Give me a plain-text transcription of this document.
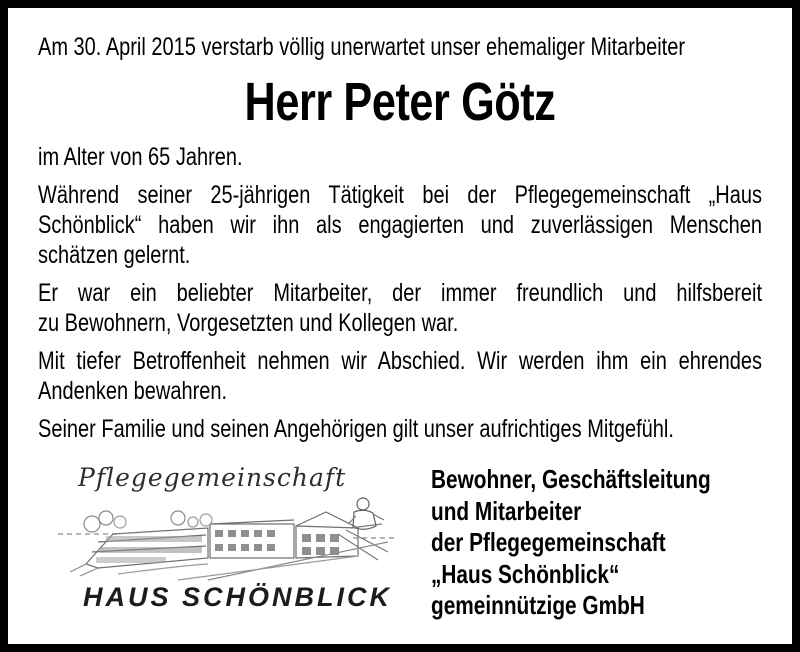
Am 30. April 2015 verstarb völlig unerwartet unser ehemaliger Mitarbeiter
Herr Peter Götz
im Alter von 65 Jahren.
Während seiner 25-jährigen Tätigkeit bei der Pflegegemeinschaft „Haus
Schönblick“ haben wir ihn als engagierten und zuverlässigen Menschen
schätzen gelernt.
Er war ein beliebter Mitarbeiter, der immer freundlich und hilfsbereit
zu Bewohnern, Vorgesetzten und Kollegen war.
Mit tiefer Betroffenheit nehmen wir Abschied. Wir werden ihm ein ehrendes
Andenken bewahren.
Seiner Familie und seinen Angehörigen gilt unser aufrichtiges Mitgefühl.
Pflegegemeinschaft
HAUS SCHÖNBLICK
Bewohner, Geschäftsleitung
und Mitarbeiter
der Pflegegemeinschaft
„Haus Schönblick“
gemeinnützige GmbH
